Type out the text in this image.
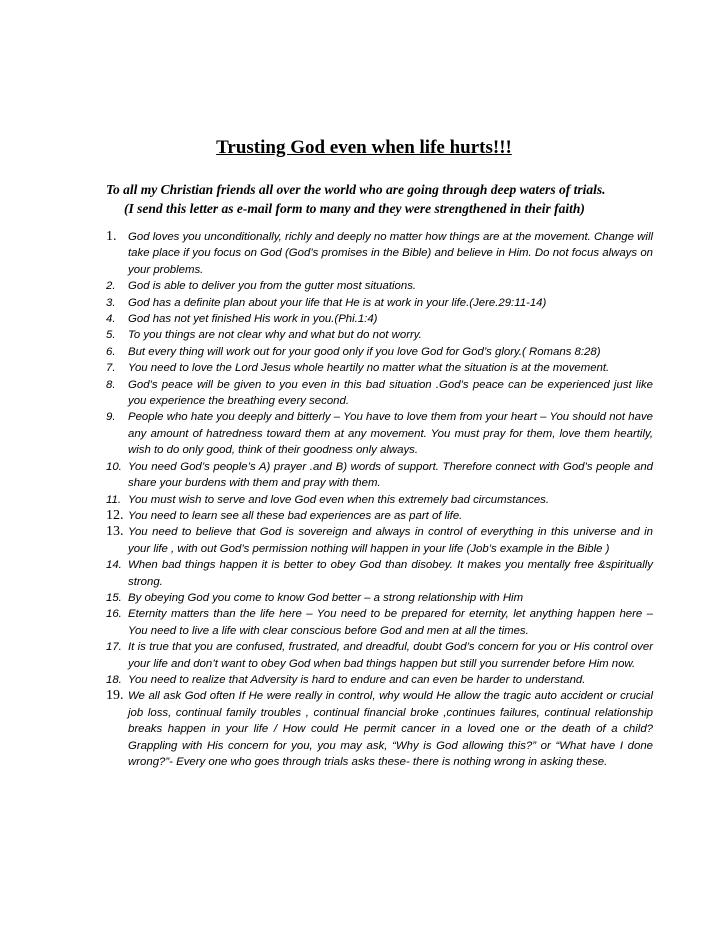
Trusting God even when life hurts!!!
To all my Christian friends all over the world who are going through deep waters of trials.
(I send this letter as e-mail form to many and they were strengthened in their faith)
1. God loves you unconditionally, richly and deeply no matter how things are at the movement. Change will take place if you focus on God (God’s promises in the Bible) and believe in Him. Do not focus always on your problems.
2. God is able to deliver you from the gutter most situations.
3. God has a definite plan about your life that He is at work in your life.(Jere.29:11-14)
4. God has not yet finished His work in you.(Phi.1:4)
5. To you things are not clear why and what but do not worry.
6. But every thing will work out for your good only if you love God for God’s glory.( Romans 8:28)
7. You need to love the Lord Jesus whole heartily no matter what the situation is at the movement.
8. God’s peace will be given to you even in this bad situation .God’s peace can be experienced just like you experience the breathing every second.
9. People who hate you deeply and bitterly – You have to love them from your heart – You should not have any amount of hatredness toward them at any movement. You must pray for them, love them heartily, wish to do only good, think of their goodness only always.
10. You need God’s people’s A) prayer .and B) words of support. Therefore connect with God’s people and share your burdens with them and pray with them.
11. You must wish to serve and love God even when this extremely bad circumstances.
12. You need to learn see all these bad experiences are as part of life.
13. You need to believe that God is sovereign and always in control of everything in this universe and in your life , with out God’s permission nothing will happen in your life (Job’s example in the Bible )
14. When bad things happen it is better to obey God than disobey. It makes you mentally free &spiritually strong.
15. By obeying God you come to know God better – a strong relationship with Him
16. Eternity matters than the life here – You need to be prepared for eternity, let anything happen here – You need to live a life with clear conscious before God and men at all the times.
17. It is true that you are confused, frustrated, and dreadful, doubt God’s concern for you or His control over your life and don’t want to obey God when bad things happen but still you surrender before Him now.
18. You need to realize that Adversity is hard to endure and can even be harder to understand.
19. We all ask God often If He were really in control, why would He allow the tragic auto accident or crucial job loss, continual family troubles , continual financial broke ,continues failures, continual relationship breaks happen in your life / How could He permit cancer in a loved one or the death of a child? Grappling with His concern for you, you may ask, “Why is God allowing this?” or “What have I done wrong?”- Every one who goes through trials asks these- there is nothing wrong in asking these.
